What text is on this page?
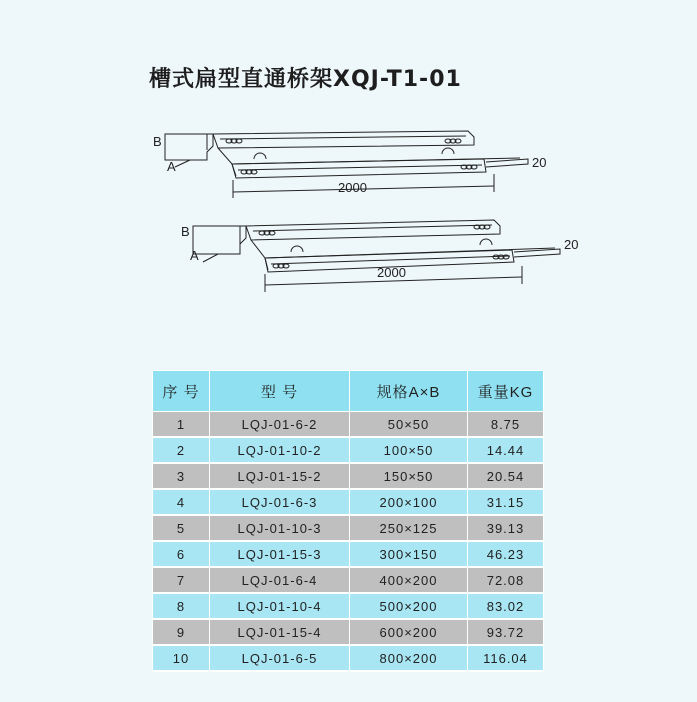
槽式扁型直通桥架XQJ-T1-01
B
A
2000
20
B
A
2000
20
序 号	型 号	规格A×B	重量KG
1	LQJ-01-6-2	50×50	8.75
2	LQJ-01-10-2	100×50	14.44
3	LQJ-01-15-2	150×50	20.54
4	LQJ-01-6-3	200×100	31.15
5	LQJ-01-10-3	250×125	39.13
6	LQJ-01-15-3	300×150	46.23
7	LQJ-01-6-4	400×200	72.08
8	LQJ-01-10-4	500×200	83.02
9	LQJ-01-15-4	600×200	93.72
10	LQJ-01-6-5	800×200	116.04
